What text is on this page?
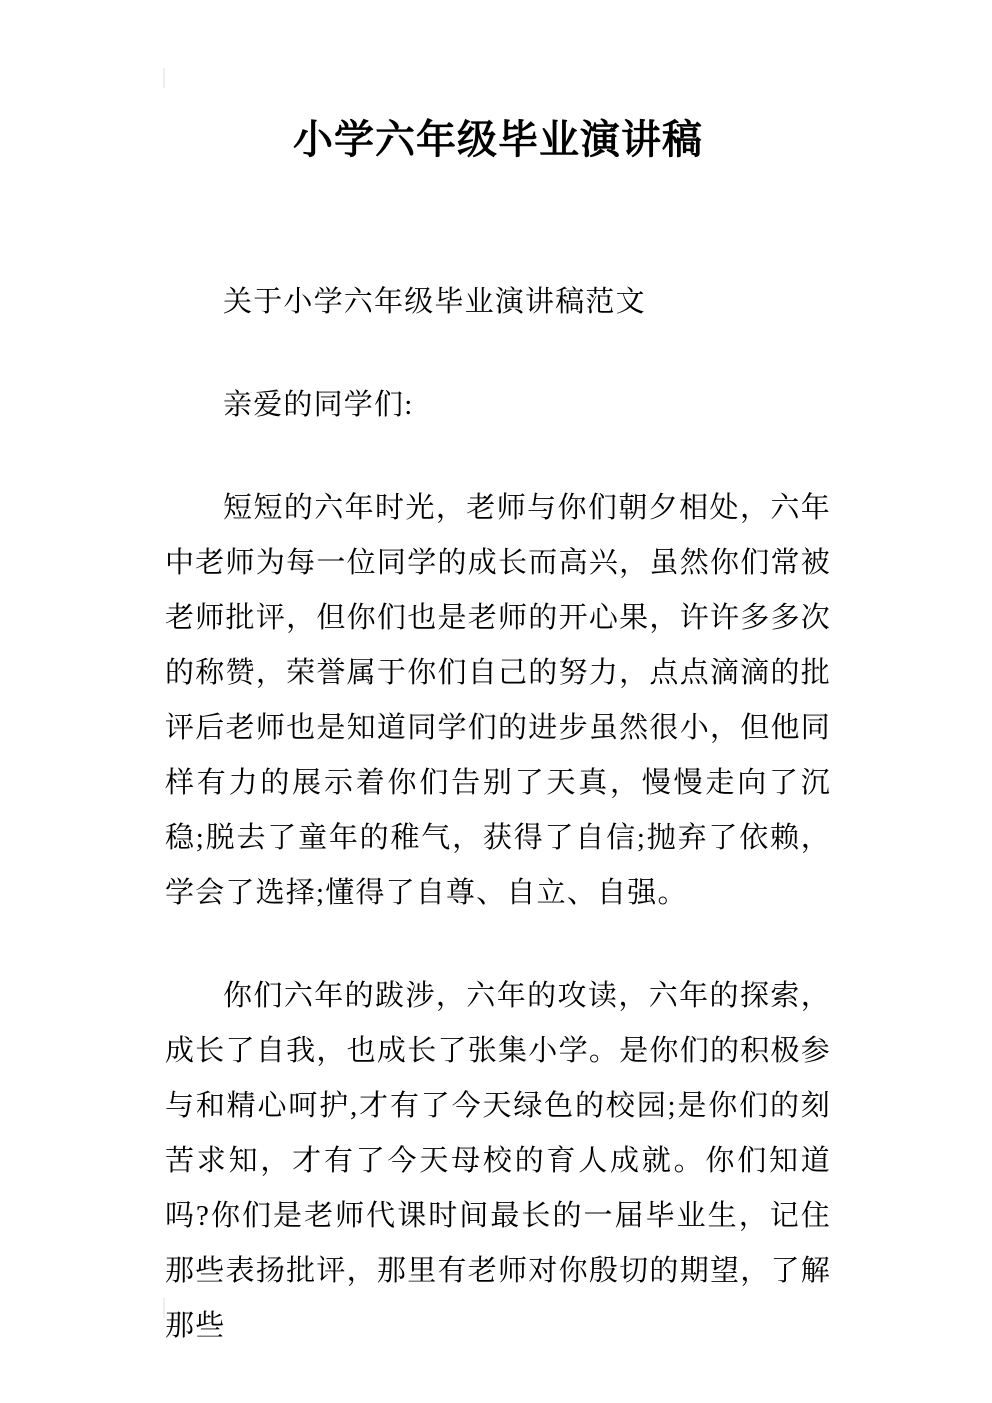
小学六年级毕业演讲稿

关于小学六年级毕业演讲稿范文

亲爱的同学们:

短短的六年时光，老师与你们朝夕相处，六年中老师为每一位同学的成长而高兴，虽然你们常被老师批评，但你们也是老师的开心果，许许多多次的称赞，荣誉属于你们自己的努力，点点滴滴的批评后老师也是知道同学们的进步虽然很小，但他同样有力的展示着你们告别了天真，慢慢走向了沉稳;脱去了童年的稚气，获得了自信;抛弃了依赖，学会了选择;懂得了自尊、自立、自强。

你们六年的跋涉，六年的攻读，六年的探索，成长了自我，也成长了张集小学。是你们的积极参与和精心呵护,才有了今天绿色的校园;是你们的刻苦求知，才有了今天母校的育人成就。你们知道吗?你们是老师代课时间最长的一届毕业生，记住那些表扬批评，那里有老师对你殷切的期望，了解那些
